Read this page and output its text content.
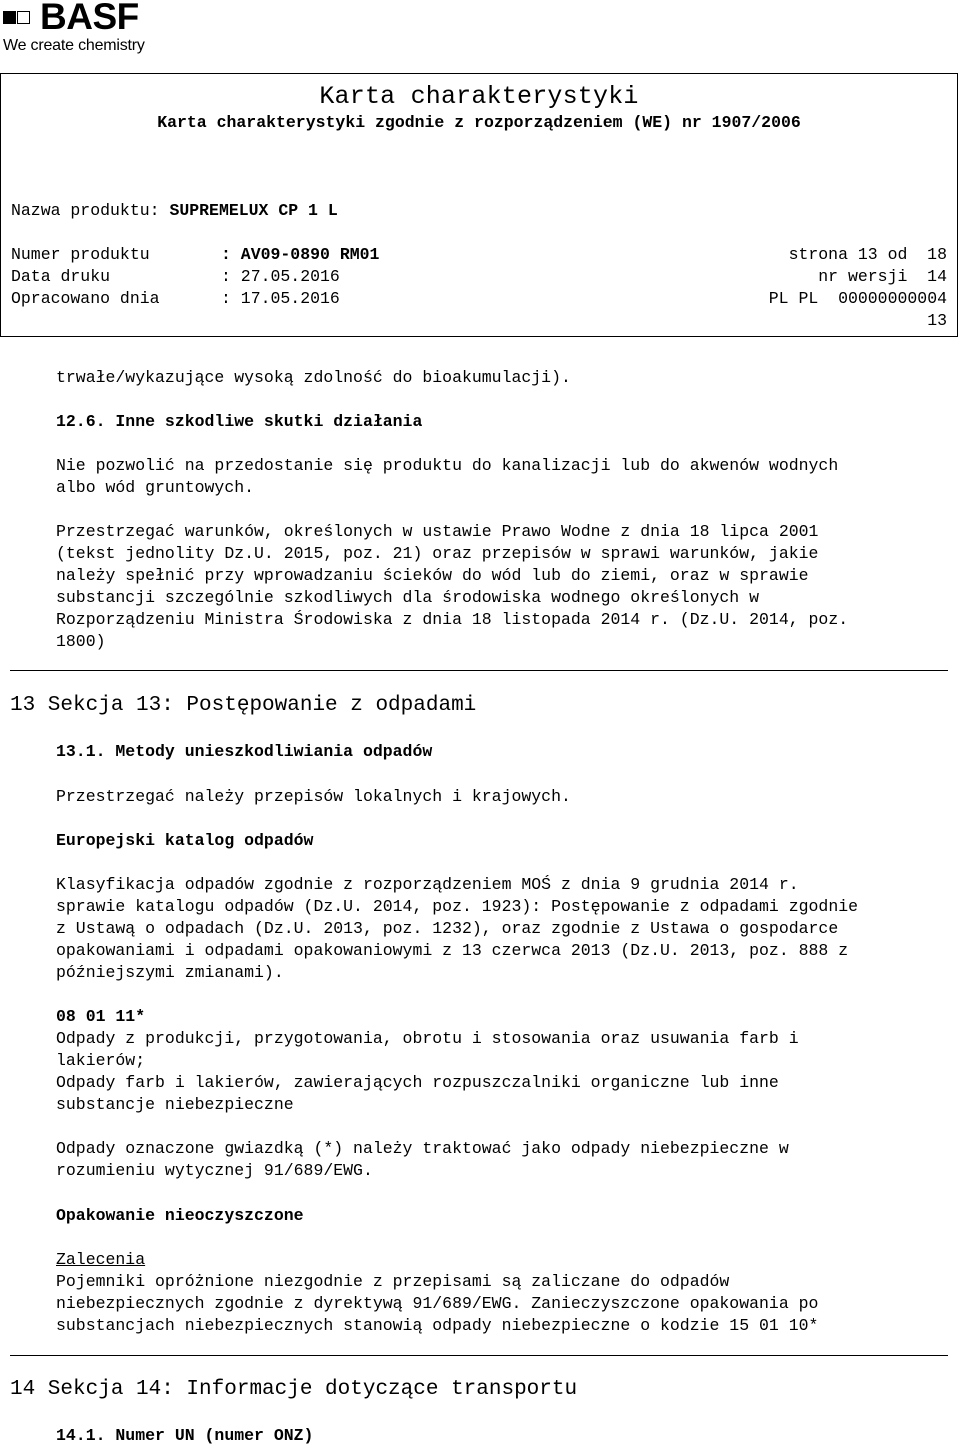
BASF
We create chemistry
Karta charakterystyki
Karta charakterystyki zgodnie z rozporządzeniem (WE) nr 1907/2006
Nazwa produktu: SUPREMELUX CP 1 L
Numer produktu	: AV09-0890 RM01	strona 13 od  18
Data druku	: 27.05.2016	nr wersji  14
Opracowano dnia	: 17.05.2016	PL PL  00000000004
13
trwałe/wykazujące wysoką zdolność do bioakumulacji).
12.6. Inne szkodliwe skutki działania
Nie pozwolić na przedostanie się produktu do kanalizacji lub do akwenów wodnych
albo wód gruntowych.
Przestrzegać warunków, określonych w ustawie Prawo Wodne z dnia 18 lipca 2001
(tekst jednolity Dz.U. 2015, poz. 21) oraz przepisów w sprawi warunków, jakie
należy spełnić przy wprowadzaniu ścieków do wód lub do ziemi, oraz w sprawie
substancji szczególnie szkodliwych dla środowiska wodnego określonych w
Rozporządzeniu Ministra Środowiska z dnia 18 listopada 2014 r. (Dz.U. 2014, poz.
1800)
13 Sekcja 13: Postępowanie z odpadami
13.1. Metody unieszkodliwiania odpadów
Przestrzegać należy przepisów lokalnych i krajowych.
Europejski katalog odpadów
Klasyfikacja odpadów zgodnie z rozporządzeniem MOŚ z dnia 9 grudnia 2014 r.
sprawie katalogu odpadów (Dz.U. 2014, poz. 1923): Postępowanie z odpadami zgodnie
z Ustawą o odpadach (Dz.U. 2013, poz. 1232), oraz zgodnie z Ustawa o gospodarce
opakowaniami i odpadami opakowaniowymi z 13 czerwca 2013 (Dz.U. 2013, poz. 888 z
późniejszymi zmianami).
08 01 11*
Odpady z produkcji, przygotowania, obrotu i stosowania oraz usuwania farb i
lakierów;
Odpady farb i lakierów, zawierających rozpuszczalniki organiczne lub inne
substancje niebezpieczne
Odpady oznaczone gwiazdką (*) należy traktować jako odpady niebezpieczne w
rozumieniu wytycznej 91/689/EWG.
Opakowanie nieoczyszczone
Zalecenia
Pojemniki opróżnione niezgodnie z przepisami są zaliczane do odpadów
niebezpiecznych zgodnie z dyrektywą 91/689/EWG. Zanieczyszczone opakowania po
substancjach niebezpiecznych stanowią odpady niebezpieczne o kodzie 15 01 10*
14 Sekcja 14: Informacje dotyczące transportu
14.1. Numer UN (numer ONZ)
